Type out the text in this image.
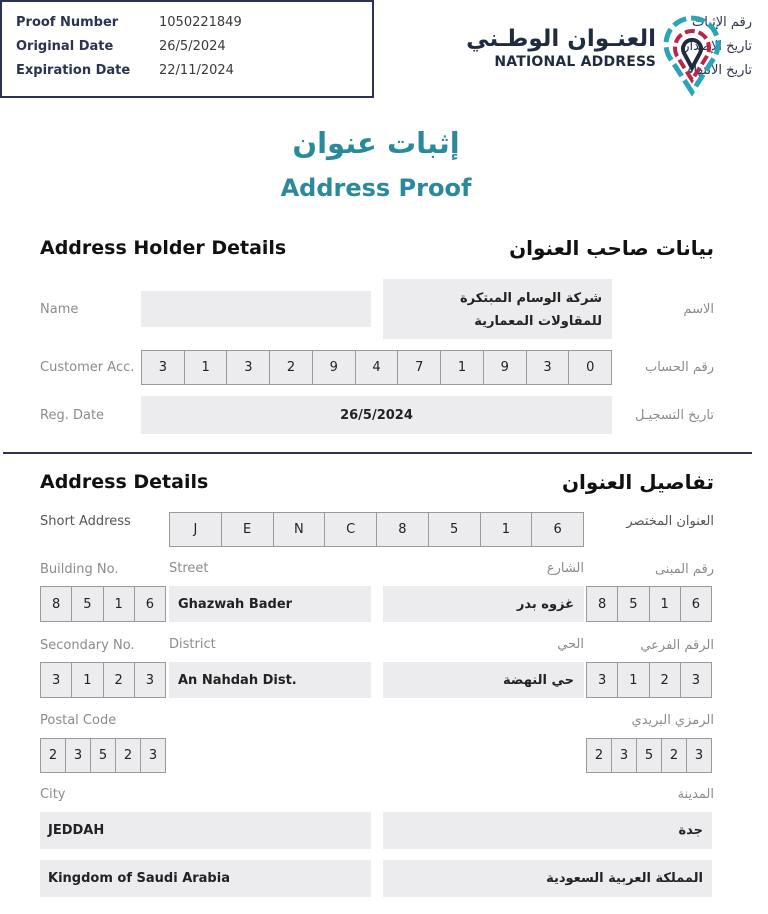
Proof Number	1050221849	رقم الإثبات
Original Date	26/5/2024	تاريخ الإصدار
Expiration Date 22/11/2024	تاريخ الانتهاء
العنـوان الوطـني
NATIONAL ADDRESS
إثبات عنوان
Address Proof
Address Holder Details	بيانات صاحب العنوان
Name
شركة الوسام المبتكرة للمقاولات المعمارية
الاسم
Customer Acc.	3	1	3	2	9	4	7	1	9	3	0	رقم الحساب
Reg. Date	26/5/2024	تاريخ التسجيـل
Address Details	تفاصيل العنوان
Short Address
J	E	N	C	8	5	1	6
العنوان المختصر
Building No.	Street	الشارع	رقم المبنى
8	5	1	6	Ghazwah Bader	غزوه بدر	8	5	1	6
Secondary No.	District	الحي	الرقم الفرعي
3	1	2	3	An Nahdah Dist.	حي النهضة	3	1	2	3
Postal Code	الرمزي البريدي
2	3	5	2	3	2	3	5	2	3
City	المدينة
JEDDAH	جدة
Kingdom of Saudi Arabia	المملكة العربية السعودية
